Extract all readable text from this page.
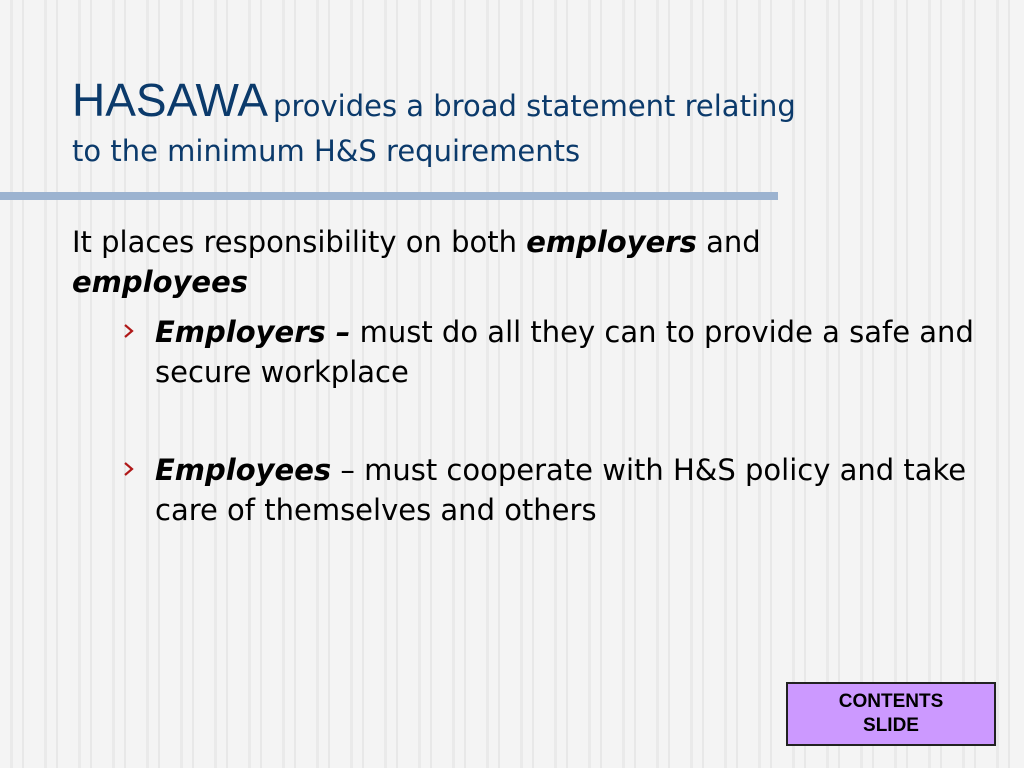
HASAWA provides a broad statement relating
to the minimum H&S requirements
It places responsibility on both employers and
employees
Employers – must do all they can to provide a safe and secure workplace
Employees – must cooperate with H&S policy and take care of themselves and others
CONTENTS
SLIDE
